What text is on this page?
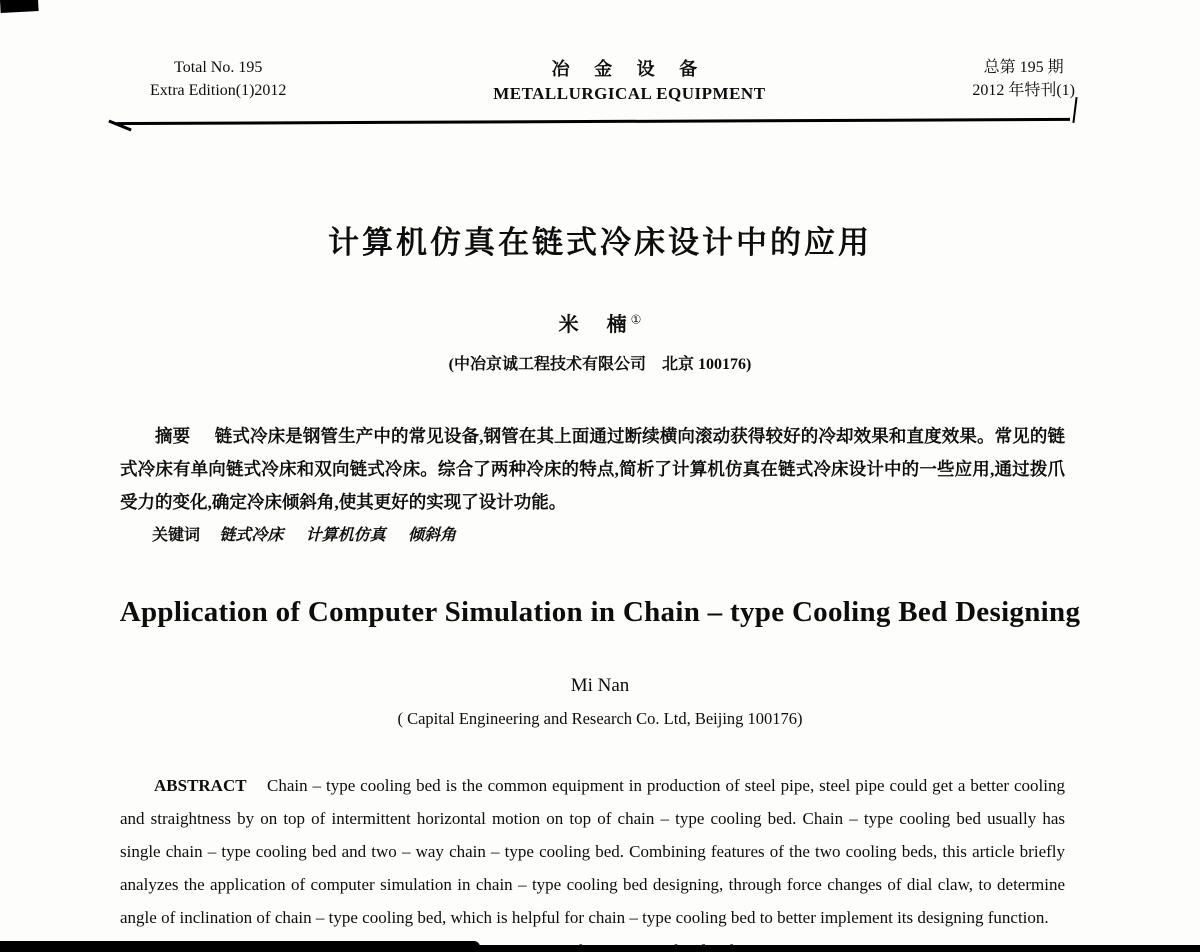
Total No. 195
Extra Edition(1)2012
冶 金 设 备
METALLURGICAL EQUIPMENT
总第 195 期
2012 年特刊(1)
计算机仿真在链式冷床设计中的应用
米　楠①
(中冶京诚工程技术有限公司　北京 100176)

摘要 链式冷床是钢管生产中的常见设备,钢管在其上面通过断续横向滚动获得较好的冷却效果和直度效果。常见的链式冷床有单向链式冷床和双向链式冷床。综合了两种冷床的特点,简析了计算机仿真在链式冷床设计中的一些应用,通过拨爪受力的变化,确定冷床倾斜角,使其更好的实现了设计功能。

关键词 链式冷床 计算机仿真 倾斜角

Application of Computer Simulation in Chain – type Cooling Bed Designing
Mi Nan
( Capital Engineering and Research Co. Ltd, Beijing 100176)

ABSTRACT Chain – type cooling bed is the common equipment in production of steel pipe, steel pipe could get a better cooling and straightness by on top of intermittent horizontal motion on top of chain – type cooling bed. Chain – type cooling bed usually has single chain – type cooling bed and two – way chain – type cooling bed. Combining features of the two cooling beds, this article briefly analyzes the application of computer simulation in chain – type cooling bed designing, through force changes of dial claw, to determine angle of inclination of chain – type cooling bed, which is helpful for chain – type cooling bed to better implement its designing function.
